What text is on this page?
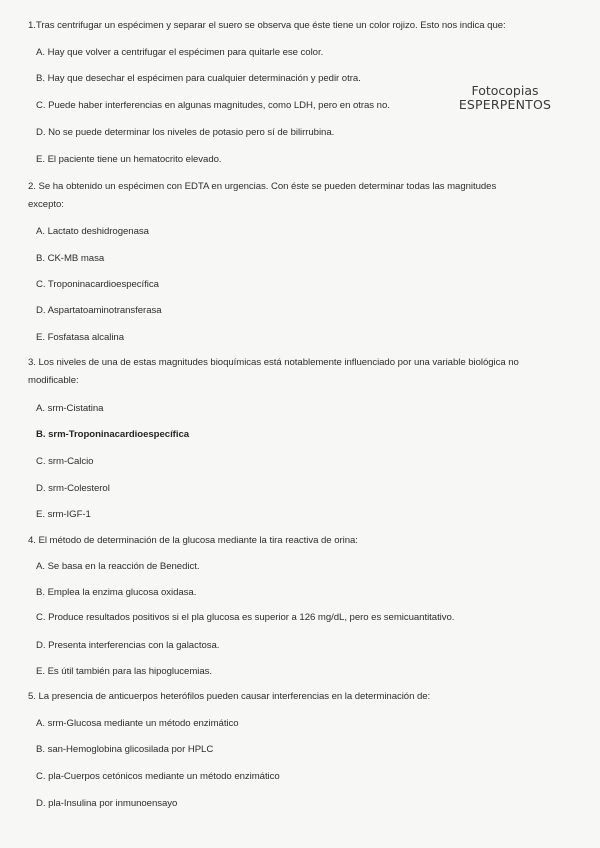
1.Tras centrifugar un espécimen y separar el suero se observa que éste tiene un color rojizo. Esto nos indica que:
A. Hay que volver a centrifugar el espécimen para quitarle ese color.
B. Hay que desechar el espécimen para cualquier determinación y pedir otra.
C. Puede haber interferencias en algunas magnitudes, como LDH, pero en otras no.
D. No se puede determinar los niveles de potasio pero sí de bilirrubina.
E. El paciente tiene un hematocrito elevado.
Fotocopias
ESPERPENTOS
2. Se ha obtenido un espécimen con EDTA en urgencias. Con éste se pueden determinar todas las magnitudes
excepto:
A. Lactato deshidrogenasa
B. CK-MB masa
C. Troponinacardioespecífica
D. Aspartatoaminotransferasa
E. Fosfatasa alcalina
3. Los niveles de una de estas magnitudes bioquímicas está notablemente influenciado por una variable biológica no
modificable:
A. srm-Cistatina
B. srm-Troponinacardioespecífica
C. srm-Calcio
D. srm-Colesterol
E. srm-IGF-1
4. El método de determinación de la glucosa mediante la tira reactiva de orina:
A. Se basa en la reacción de Benedict.
B. Emplea la enzima glucosa oxidasa.
C. Produce resultados positivos si el pla glucosa es superior a 126 mg/dL, pero es semicuantitativo.
D. Presenta interferencias con la galactosa.
E. Es útil también para las hipoglucemias.
5. La presencia de anticuerpos heterófilos pueden causar interferencias en la determinación de:
A. srm-Glucosa mediante un método enzimático
B. san-Hemoglobina glicosilada por HPLC
C. pla-Cuerpos cetónicos mediante un método enzimático
D. pla-Insulina por inmunoensayo
